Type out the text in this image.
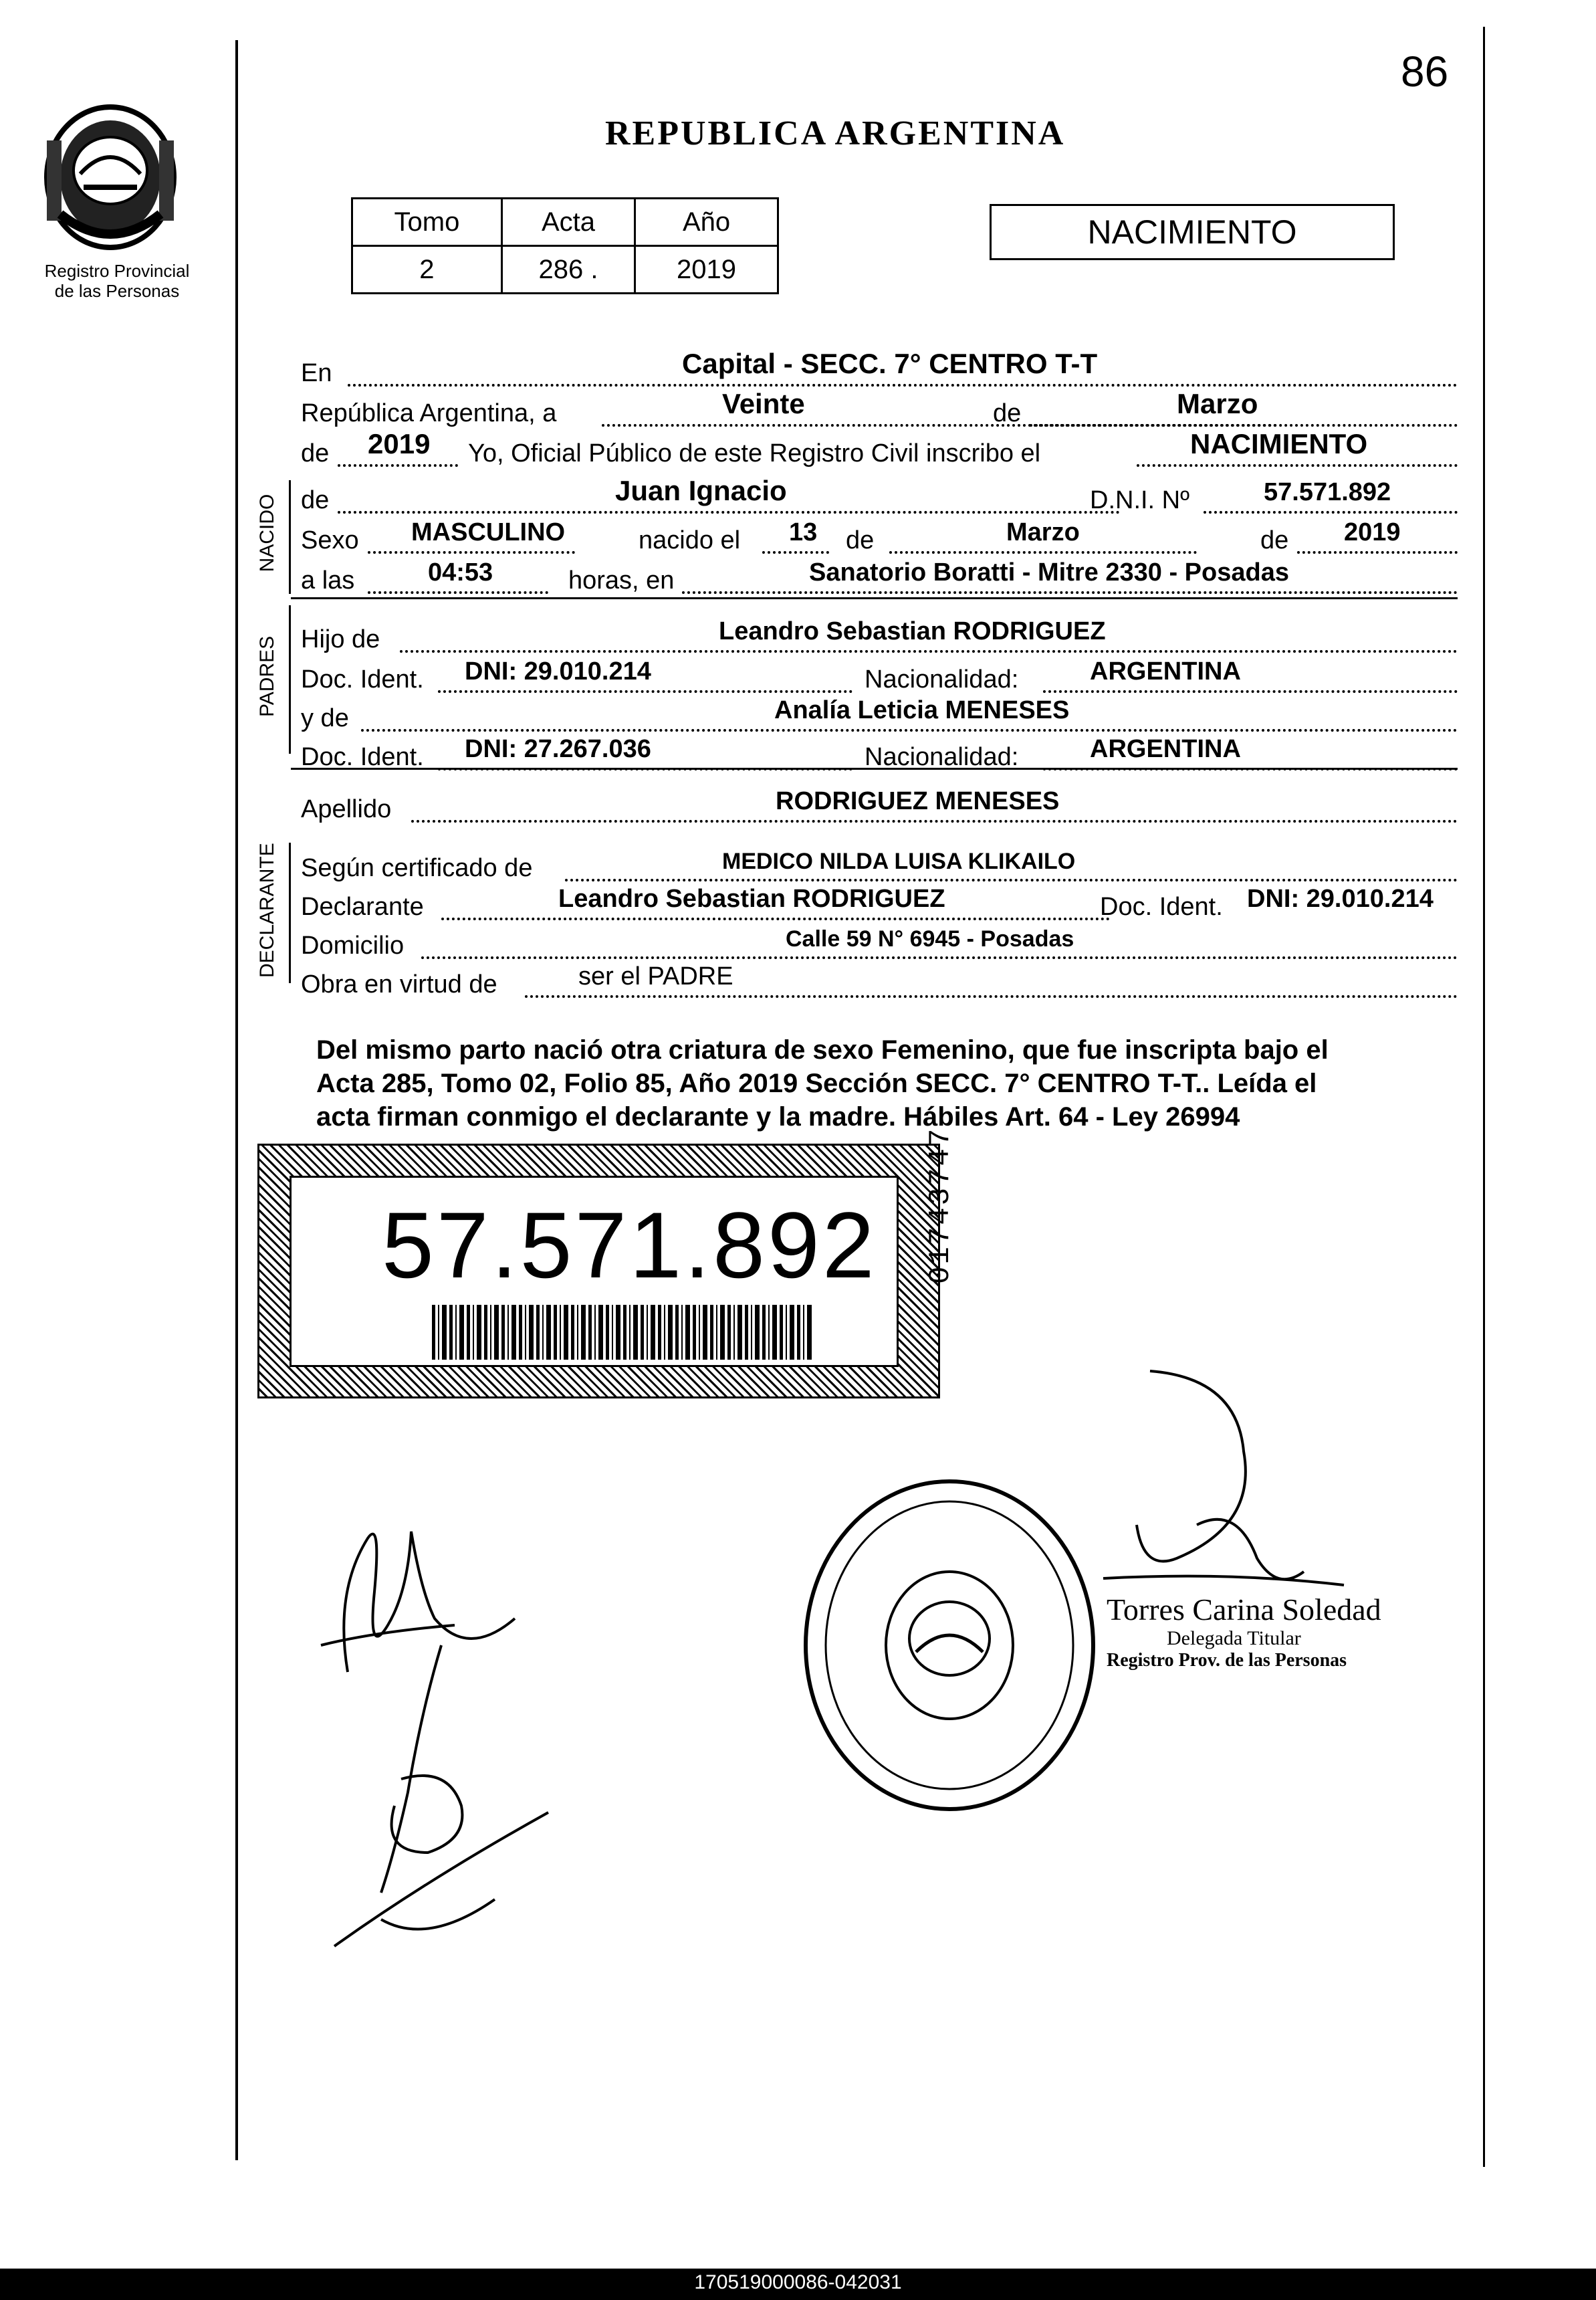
86
Registro Provincial
de las Personas
REPUBLICA ARGENTINA
Tomo	Acta	Año
2	286 .	2019
NACIMIENTO
En	Capital - SECC. 7° CENTRO T-T
República Argentina, a	Veinte	de	Marzo
de 2019 Yo, Oficial Público de este Registro Civil inscribo el	NACIMIENTO
NACIDO de	Juan Ignacio	D.N.I. Nº	57.571.892
Sexo MASCULINO	nacido el 13 de	Marzo	de 2019
a las	04:53	horas, en	Sanatorio Boratti - Mitre 2330 - Posadas
PADRES Hijo de	Leandro Sebastian RODRIGUEZ
Doc. Ident. DNI: 29.010.214	Nacionalidad:	ARGENTINA
y de	Analía Leticia MENESES
Doc. Ident. DNI: 27.267.036	Nacionalidad:	ARGENTINA
Apellido	RODRIGUEZ MENESES
DECLARANTE Según certificado de	MEDICO NILDA LUISA KLIKAILO
Declarante	Leandro Sebastian RODRIGUEZ	Doc. Ident. DNI: 29.010.214
Domicilio	Calle 59 N° 6945 - Posadas
Obra en virtud de	ser el PADRE
Del mismo parto nació otra criatura de sexo Femenino, que fue inscripta bajo el
Acta 285, Tomo 02, Folio 85, Año 2019 Sección SECC. 7° CENTRO T-T.. Leída el
acta firman conmigo el declarante y la madre. Hábiles Art. 64 - Ley 26994
57.571.892 01743747
Torres Carina Soledad
Delegada Titular
Registro Prov. de las Personas
170519000086-042031
